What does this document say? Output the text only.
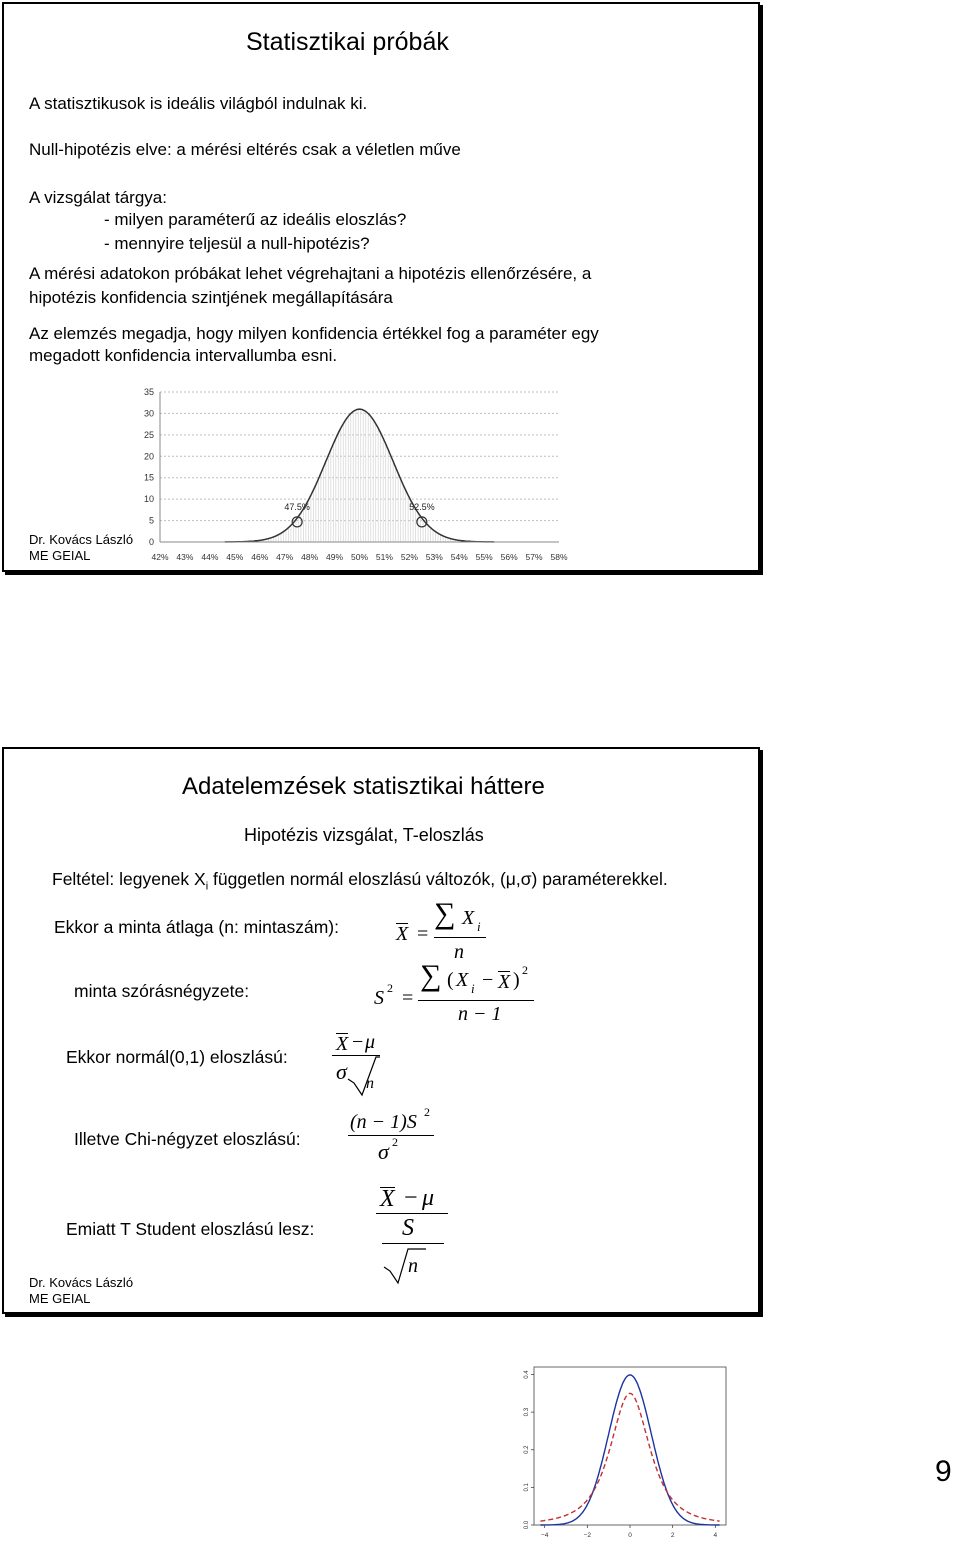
Statisztikai próbák
A statisztikusok is ideális világból indulnak ki.
Null-hipotézis elve: a mérési eltérés csak a véletlen műve
A vizsgálat tárgya:
- milyen paraméterű az ideális eloszlás?
- mennyire teljesül a null-hipotézis?
A mérési adatokon próbákat lehet végrehajtani a hipotézis ellenőrzésére, a
hipotézis konfidencia szintjének megállapítására
Az elemzés megadja, hogy milyen konfidencia értékkel fog a paraméter egy
megadott konfidencia intervallumba esni.
0
5
10
15
20
25
30
35
42% 43% 44% 45% 46% 47% 48% 49% 50% 51% 52% 53% 54% 55% 56% 57% 58%
47.5%	52.5%
Dr. Kovács László
ME GEIAL
Adatelemzések statisztikai háttere
Hipotézis vizsgálat, T-eloszlás
Feltétel: legyenek $X_i$ független normál eloszlású változók, (μ,σ) paraméterekkel.
Ekkor a minta átlaga (n: mintaszám):
minta szórásnégyzete:
Ekkor normál(0,1) eloszlású:
Illetve Chi-négyzet eloszlású:
Emiatt T Student eloszlású lesz:
X =
∑ X i
n
S 2 =
∑ ( X i − X ) 2
n − 1
X − μ
σ n
(n − 1)S 2
σ 2
X − μ
S
n
0.0
0.1
0.2
0.3
0.4
−4	−2	0	2	4
Dr. Kovács László
ME GEIAL
9
